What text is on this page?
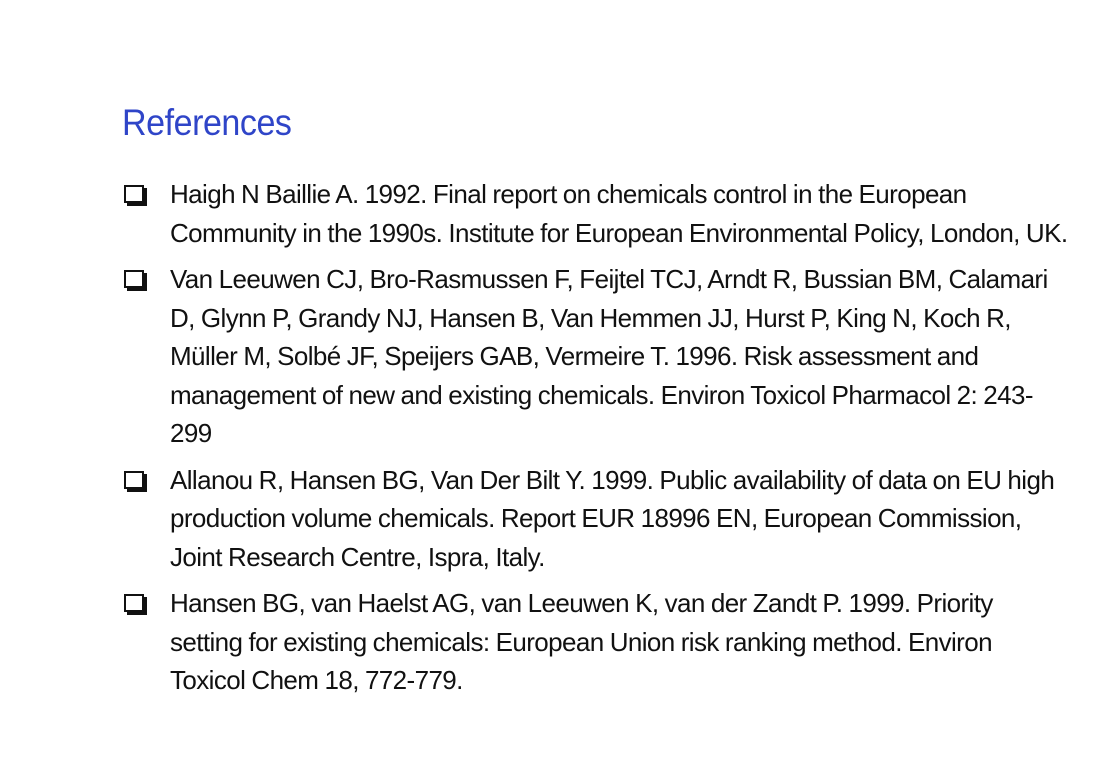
References
Haigh N Baillie A. 1992. Final report on chemicals control in the European Community in the 1990s. Institute for European Environmental Policy, London, UK.
Van Leeuwen CJ, Bro-Rasmussen F, Feijtel TCJ, Arndt R, Bussian BM, Calamari D, Glynn P, Grandy NJ, Hansen B, Van Hemmen JJ, Hurst P, King N, Koch R, Müller M, Solbé JF, Speijers GAB, Vermeire T. 1996. Risk assessment and management of new and existing chemicals. Environ Toxicol Pharmacol 2: 243-299
Allanou R, Hansen BG, Van Der Bilt Y. 1999. Public availability of data on EU high production volume chemicals. Report EUR 18996 EN, European Commission, Joint Research Centre, Ispra, Italy.
Hansen BG, van Haelst AG, van Leeuwen K, van der Zandt P. 1999. Priority setting for existing chemicals: European Union risk ranking method. Environ Toxicol Chem 18, 772-779.
